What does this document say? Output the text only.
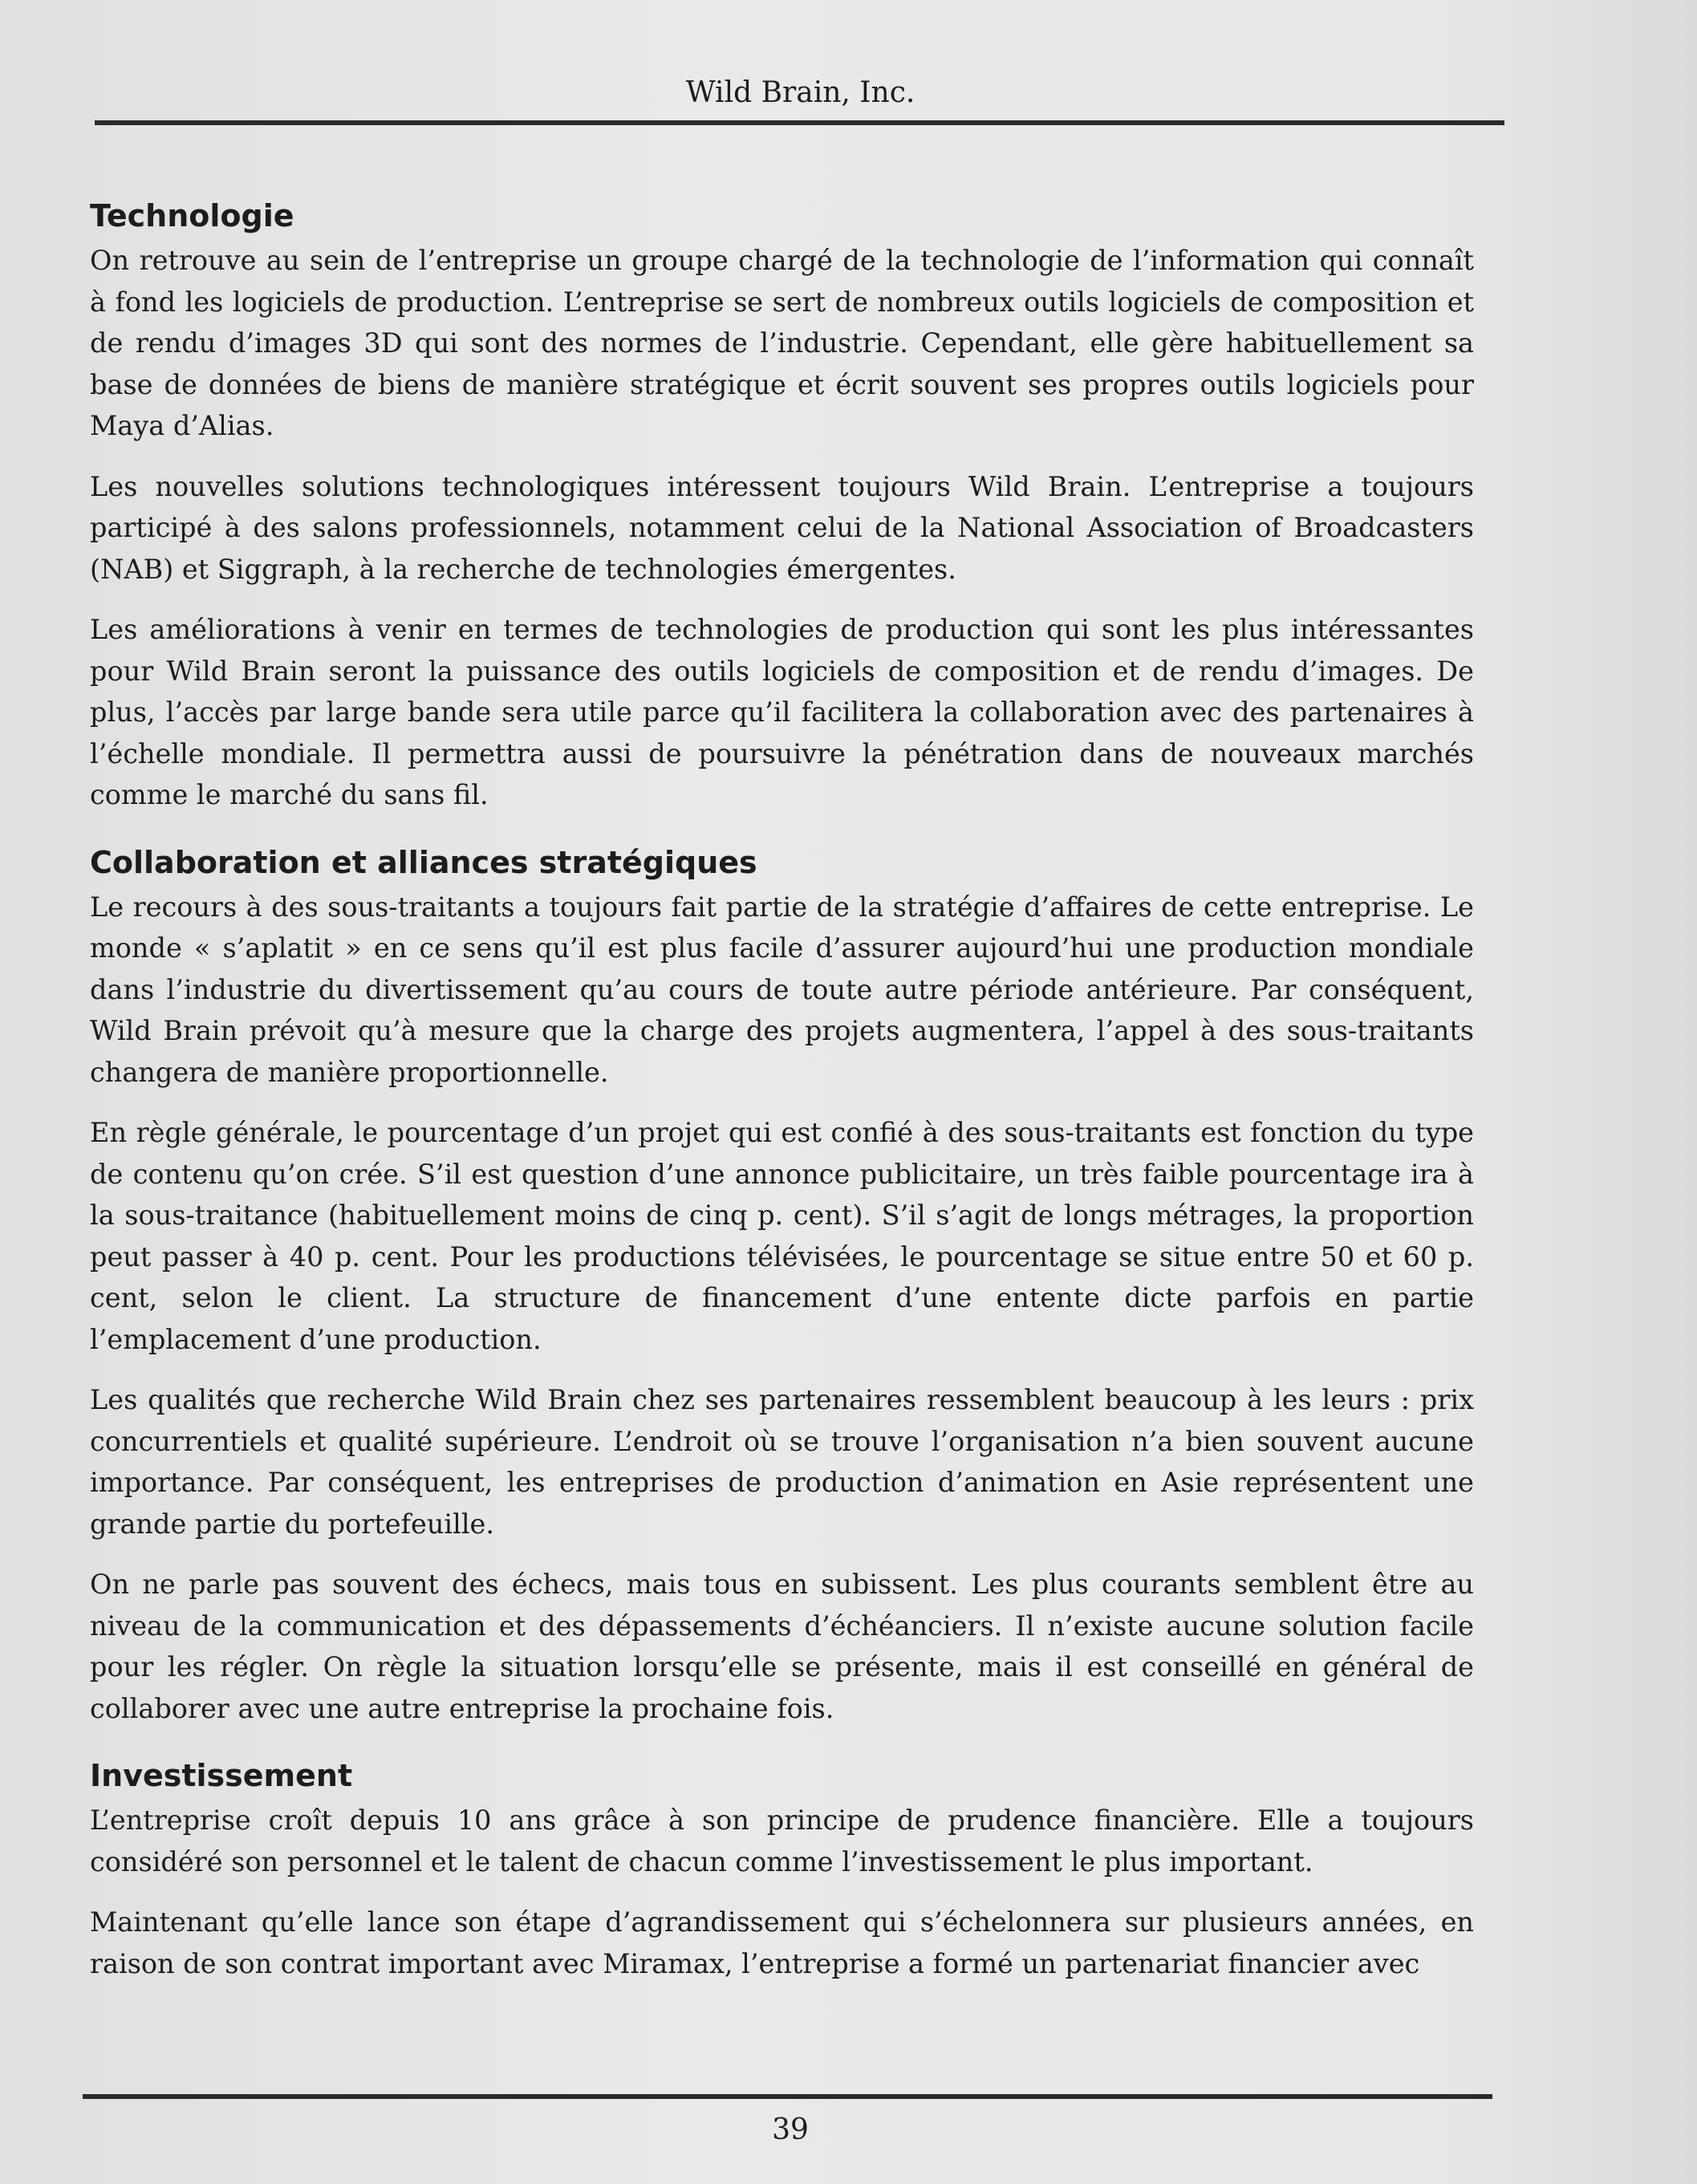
Wild Brain, Inc.
Technologie

On retrouve au sein de l’entreprise un groupe chargé de la technologie de l’information qui connaît à fond les logiciels de production. L’entreprise se sert de nombreux outils logiciels de composition et de rendu d’images 3D qui sont des normes de l’industrie. Cependant, elle gère habituellement sa base de données de biens de manière stratégique et écrit souvent ses propres outils logiciels pour Maya d’Alias.

Les nouvelles solutions technologiques intéressent toujours Wild Brain. L’entreprise a toujours participé à des salons professionnels, notamment celui de la National Association of Broadcasters (NAB) et Siggraph, à la recherche de technologies émergentes.

Les améliorations à venir en termes de technologies de production qui sont les plus intéressantes pour Wild Brain seront la puissance des outils logiciels de composition et de rendu d’images. De plus, l’accès par large bande sera utile parce qu’il facilitera la collaboration avec des partenaires à l’échelle mondiale. Il permettra aussi de poursuivre la pénétration dans de nouveaux marchés comme le marché du sans fil.

Collaboration et alliances stratégiques

Le recours à des sous-traitants a toujours fait partie de la stratégie d’affaires de cette entreprise. Le monde « s’aplatit » en ce sens qu’il est plus facile d’assurer aujourd’hui une production mondiale dans l’industrie du divertissement qu’au cours de toute autre période antérieure. Par conséquent, Wild Brain prévoit qu’à mesure que la charge des projets augmentera, l’appel à des sous-traitants changera de manière proportionnelle.

En règle générale, le pourcentage d’un projet qui est confié à des sous-traitants est fonction du type de contenu qu’on crée. S’il est question d’une annonce publicitaire, un très faible pourcentage ira à la sous-traitance (habituellement moins de cinq p. cent). S’il s’agit de longs métrages, la proportion peut passer à 40 p. cent. Pour les productions télévisées, le pourcentage se situe entre 50 et 60 p. cent, selon le client. La structure de financement d’une entente dicte parfois en partie l’emplacement d’une production.

Les qualités que recherche Wild Brain chez ses partenaires ressemblent beaucoup à les leurs : prix concurrentiels et qualité supérieure. L’endroit où se trouve l’organisation n’a bien souvent aucune importance. Par conséquent, les entreprises de production d’animation en Asie représentent une grande partie du portefeuille.

On ne parle pas souvent des échecs, mais tous en subissent. Les plus courants semblent être au niveau de la communication et des dépassements d’échéanciers. Il n’existe aucune solution facile pour les régler. On règle la situation lorsqu’elle se présente, mais il est conseillé en général de collaborer avec une autre entreprise la prochaine fois.

Investissement

L’entreprise croît depuis 10 ans grâce à son principe de prudence financière. Elle a toujours considéré son personnel et le talent de chacun comme l’investissement le plus important.

Maintenant qu’elle lance son étape d’agrandissement qui s’échelonnera sur plusieurs années, en raison de son contrat important avec Miramax, l’entreprise a formé un partenariat financier avec

39
